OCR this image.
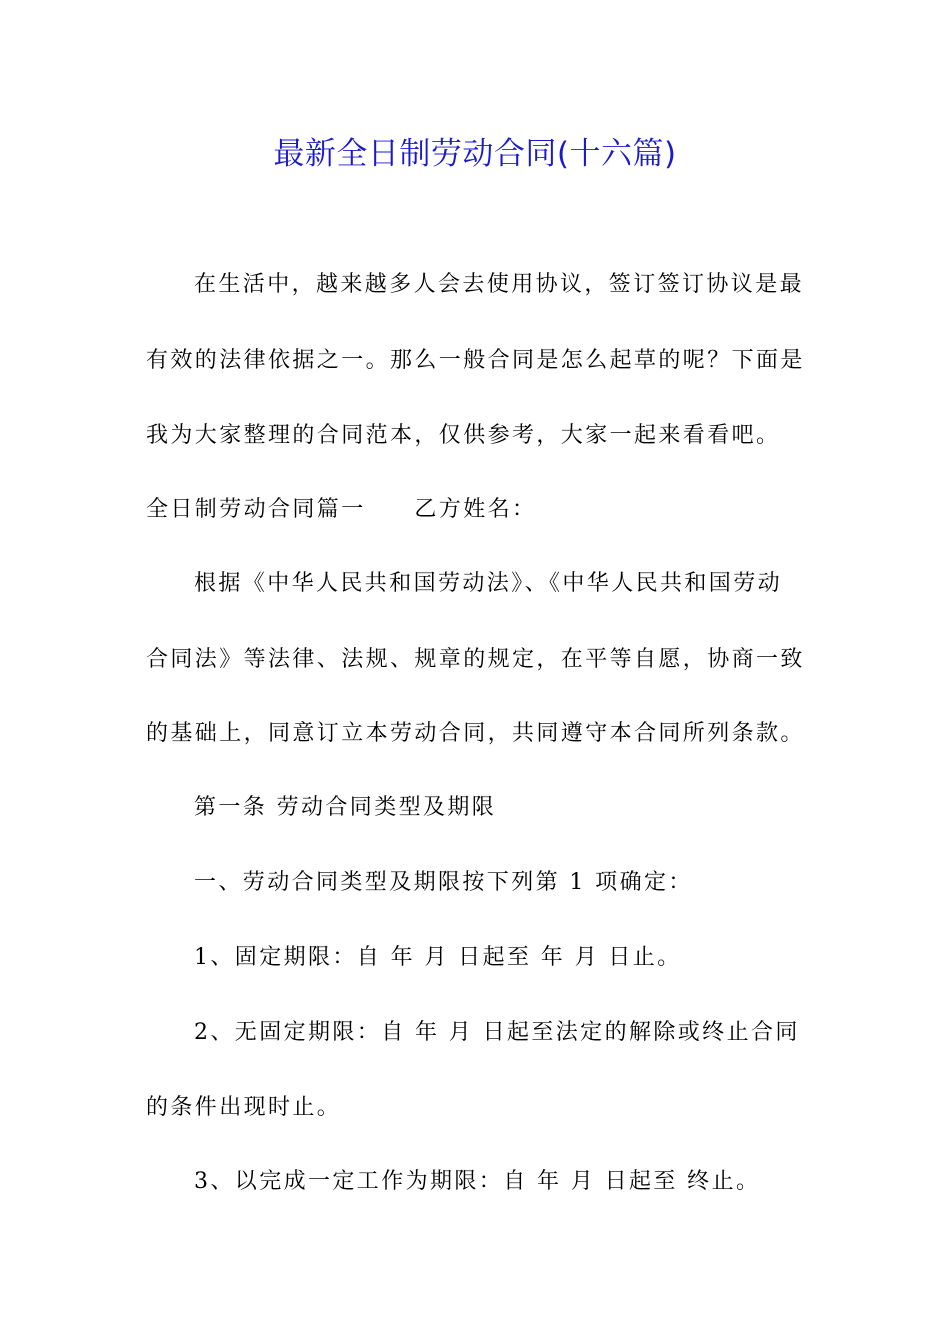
最新全日制劳动合同(十六篇)
在生活中，越来越多人会去使用协议，签订签订协议是最
有效的法律依据之一。那么一般合同是怎么起草的呢？下面是
我为大家整理的合同范本，仅供参考，大家一起来看看吧。
全日制劳动合同篇一　　乙方姓名：
根据《中华人民共和国劳动法》、《中华人民共和国劳动
合同法》等法律、法规、规章的规定，在平等自愿，协商一致
的基础上，同意订立本劳动合同，共同遵守本合同所列条款。
第一条 劳动合同类型及期限
一、劳动合同类型及期限按下列第 1 项确定：
1、固定期限：自 年 月 日起至 年 月 日止。
2、无固定期限：自 年 月 日起至法定的解除或终止合同
的条件出现时止。
3、以完成一定工作为期限：自 年 月 日起至 终止。
